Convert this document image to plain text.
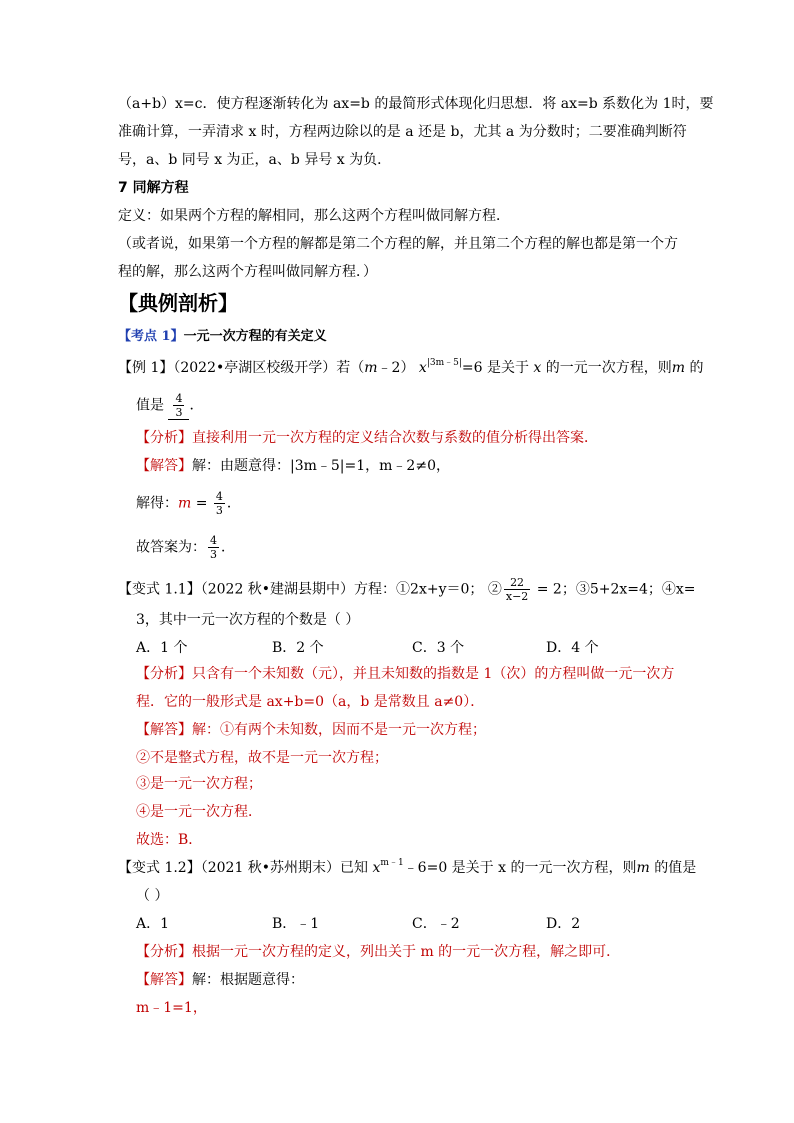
（a+b）x=c．使方程逐渐转化为 ax=b 的最简形式体现化归思想．将 ax=b 系数化为 1时，要
准确计算，一弄清求 x 时，方程两边除以的是 a 还是 b，尤其 a 为分数时；二要准确判断符
号，a、b 同号 x 为正，a、b 异号 x 为负．
7 同解方程
定义：如果两个方程的解相同，那么这两个方程叫做同解方程．
（或者说，如果第一个方程的解都是第二个方程的解，并且第二个方程的解也都是第一个方
程的解，那么这两个方程叫做同解方程．）
【典例剖析】
【考点 1】一元一次方程的有关定义
【例 1】（2022•亭湖区校级开学）若（m﹣2） $x^{|3m﹣5|}=6$ 是关于 x 的一元一次方程，则m 的
值是 $\frac{4}{3}$ ．
【分析】直接利用一元一次方程的定义结合次数与系数的值分析得出答案．
【解答】解：由题意得：|3m﹣5|=1，m﹣2≠0，
解得：$m = \frac{4}{3}$ ．
故答案为： $\frac{4}{3}$ ．
【变式 1.1】（2022 秋•建湖县期中）方程：①2x+y＝0； ② $\frac{22}{x-2} = 2$；③5+2x=4；④x=
3，其中一元一次方程的个数是（ ）
A．1 个	B．2 个	C．3 个	D．4 个
【分析】只含有一个未知数（元），并且未知数的指数是 1（次）的方程叫做一元一次方
程．它的一般形式是 ax+b=0（a，b 是常数且 a≠0）．
【解答】解：①有两个未知数，因而不是一元一次方程；
②不是整式方程，故不是一元一次方程；
③是一元一次方程；
④是一元一次方程．
故选：B．
【变式 1.2】（2021 秋•苏州期末）已知 $x^{m﹣1}﹣6=0$ 是关于 x 的一元一次方程，则m 的值是
（ ）
A．1	B．﹣1	C．﹣2	D．2
【分析】根据一元一次方程的定义，列出关于 m 的一元一次方程，解之即可．
【解答】解：根据题意得：
m﹣1=1，
